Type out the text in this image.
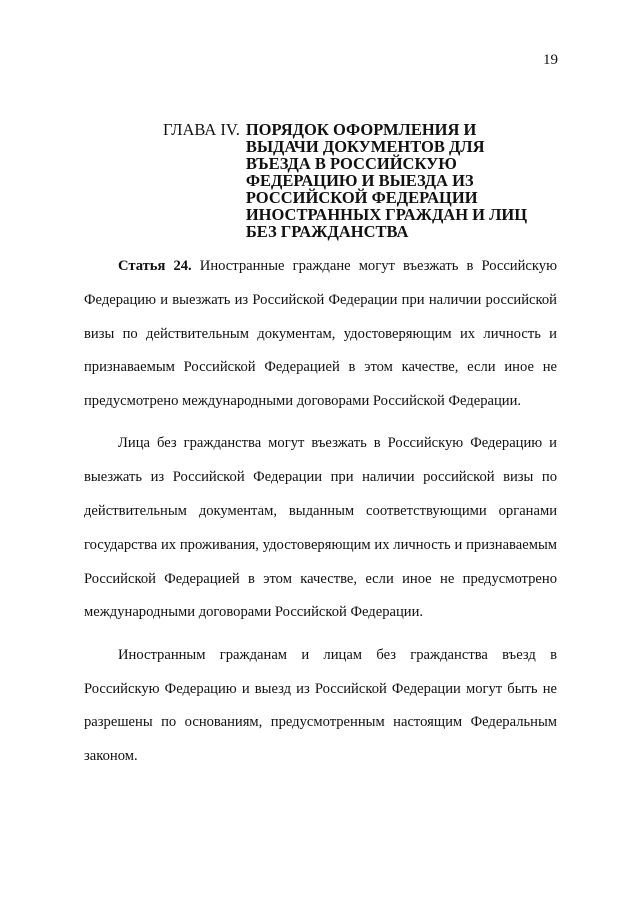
19
ГЛАВА IV. ПОРЯДОК ОФОРМЛЕНИЯ И ВЫДАЧИ ДОКУМЕНТОВ ДЛЯ ВЪЕЗДА В РОССИЙСКУЮ ФЕДЕРАЦИЮ И ВЫЕЗДА ИЗ РОССИЙСКОЙ ФЕДЕРАЦИИ ИНОСТРАННЫХ ГРАЖДАН И ЛИЦ БЕЗ ГРАЖДАНСТВА

Статья 24. Иностранные граждане могут въезжать в Российскую Федерацию и выезжать из Российской Федерации при наличии российской визы по действительным документам, удостоверяющим их личность и признаваемым Российской Федерацией в этом качестве, если иное не предусмотрено международными договорами Российской Федерации.

Лица без гражданства могут въезжать в Российскую Федерацию и выезжать из Российской Федерации при наличии российской визы по действительным документам, выданным соответствующими органами государства их проживания, удостоверяющим их личность и признаваемым Российской Федерацией в этом качестве, если иное не предусмотрено международными договорами Российской Федерации.

Иностранным гражданам и лицам без гражданства въезд в Российскую Федерацию и выезд из Российской Федерации могут быть не разрешены по основаниям, предусмотренным настоящим Федеральным законом.
